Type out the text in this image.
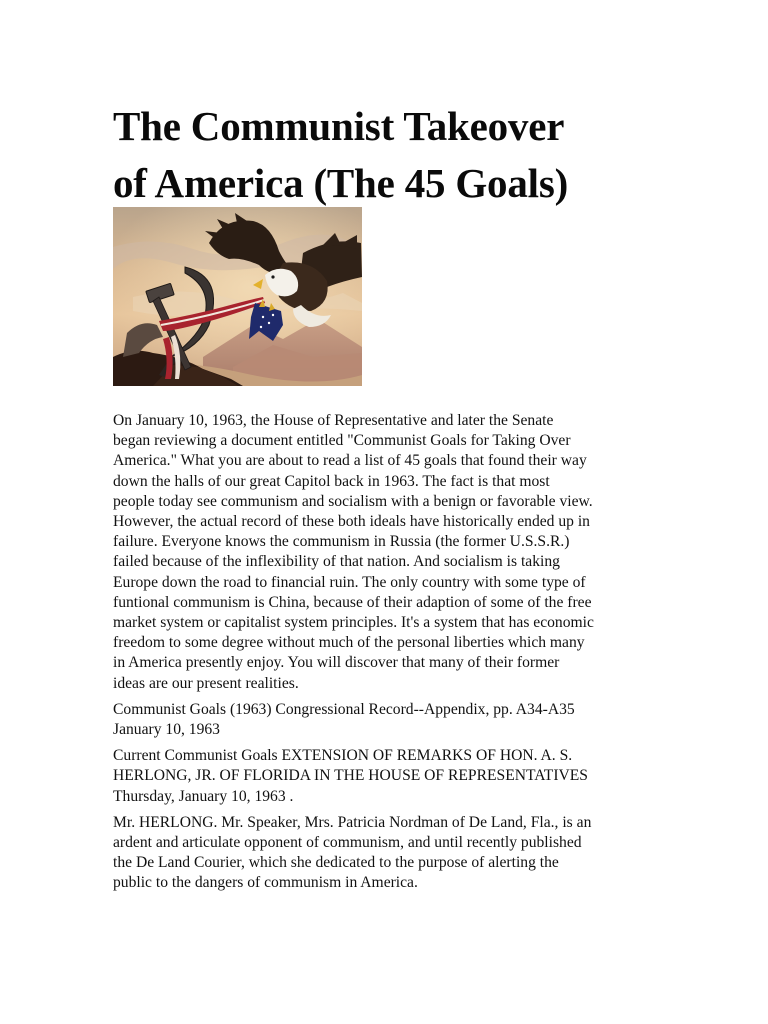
The Communist Takeover
of America (The 45 Goals)

On January 10, 1963, the House of Representative and later the Senate
began reviewing a document entitled "Communist Goals for Taking Over
America." What you are about to read a list of 45 goals that found their way
down the halls of our great Capitol back in 1963. The fact is that most
people today see communism and socialism with a benign or favorable view.
However, the actual record of these both ideals have historically ended up in
failure. Everyone knows the communism in Russia (the former U.S.S.R.)
failed because of the inflexibility of that nation. And socialism is taking
Europe down the road to financial ruin. The only country with some type of
funtional communism is China, because of their adaption of some of the free
market system or capitalist system principles. It's a system that has economic
freedom to some degree without much of the personal liberties which many
in America presently enjoy. You will discover that many of their former
ideas are our present realities.

Communist Goals (1963) Congressional Record--Appendix, pp. A34-A35
January 10, 1963

Current Communist Goals EXTENSION OF REMARKS OF HON. A. S.
HERLONG, JR. OF FLORIDA IN THE HOUSE OF REPRESENTATIVES
Thursday, January 10, 1963 .

Mr. HERLONG. Mr. Speaker, Mrs. Patricia Nordman of De Land, Fla., is an
ardent and articulate opponent of communism, and until recently published
the De Land Courier, which she dedicated to the purpose of alerting the
public to the dangers of communism in America.
